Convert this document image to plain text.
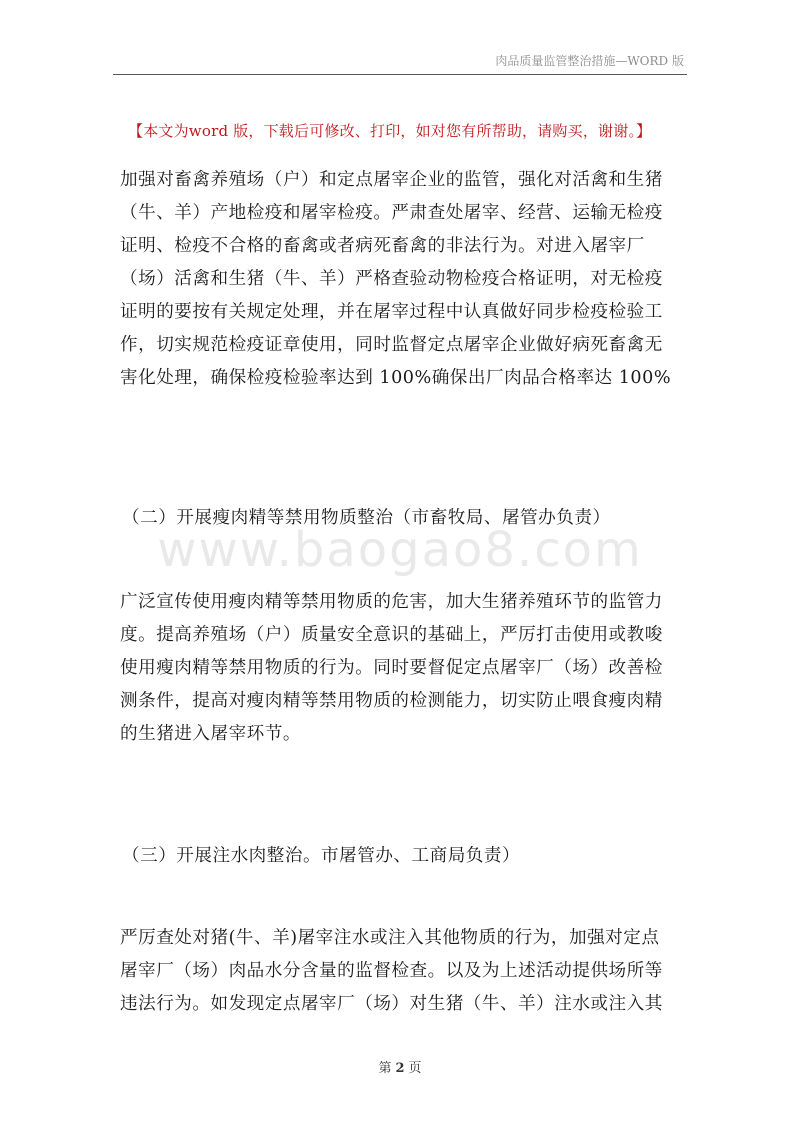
肉品质量监管整治措施—WORD 版
【本文为word 版，下载后可修改、打印，如对您有所帮助，请购买，谢谢。】
加强对畜禽养殖场（户）和定点屠宰企业的监管，强化对活禽和生猪
（牛、羊）产地检疫和屠宰检疫。严肃查处屠宰、经营、运输无检疫
证明、检疫不合格的畜禽或者病死畜禽的非法行为。对进入屠宰厂
（场）活禽和生猪（牛、羊）严格查验动物检疫合格证明，对无检疫
证明的要按有关规定处理，并在屠宰过程中认真做好同步检疫检验工
作，切实规范检疫证章使用，同时监督定点屠宰企业做好病死畜禽无
害化处理，确保检疫检验率达到 100%确保出厂肉品合格率达 100%
（二）开展瘦肉精等禁用物质整治（市畜牧局、屠管办负责）
www.baogao8.com
广泛宣传使用瘦肉精等禁用物质的危害，加大生猪养殖环节的监管力
度。提高养殖场（户）质量安全意识的基础上，严厉打击使用或教唆
使用瘦肉精等禁用物质的行为。同时要督促定点屠宰厂（场）改善检
测条件，提高对瘦肉精等禁用物质的检测能力，切实防止喂食瘦肉精
的生猪进入屠宰环节。
（三）开展注水肉整治。市屠管办、工商局负责）
严厉查处对猪(牛、羊)屠宰注水或注入其他物质的行为，加强对定点
屠宰厂（场）肉品水分含量的监督检查。以及为上述活动提供场所等
违法行为。如发现定点屠宰厂（场）对生猪（牛、羊）注水或注入其
第 2 页
